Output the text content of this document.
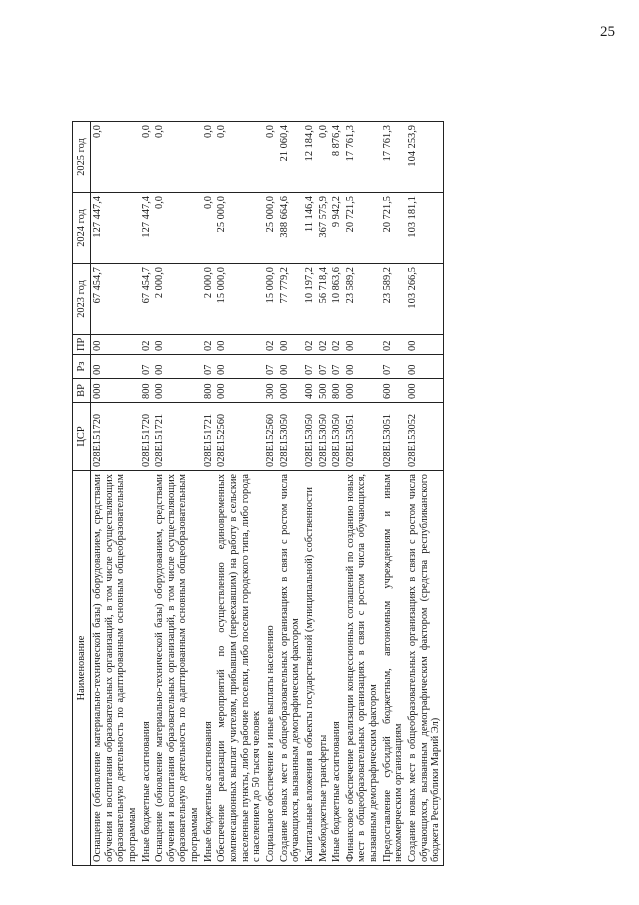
25
Наименование	ЦСР	ВР	Рз	ПР	2023 год	2024 год	2025 год
Оснащение (обновление материально-технической базы) оборудованием, средствами обучения и воспитания образовательных организаций, в том числе осуществляющих образовательную деятельность по адаптированным основным общеобразовательным программам	028Е151720	000	00	00	67 454,7	127 447,4	0,0
Иные бюджетные ассигнования	028Е151720	800	07	02	67 454,7	127 447,4	0,0
Оснащение (обновление материально-технической базы) оборудованием, средствами обучения и воспитания образовательных организаций, в том числе осуществляющих образовательную деятельность по адаптированным основным общеобразовательным программам	028Е151721	000	00	00	2 000,0	0,0	0,0
Иные бюджетные ассигнования	028Е151721	800	07	02	2 000,0	0,0	0,0
Обеспечение реализации мероприятий по осуществлению единовременных компенсационных выплат учителям, прибывшим (переехавшим) на работу в сельские населенные пункты, либо рабочие поселки, либо поселки городского типа, либо города с населением до 50 тысяч человек	028Е152560	000	00	00	15 000,0	25 000,0	0,0
Социальное обеспечение и иные выплаты населению	028Е152560	300	07	02	15 000,0	25 000,0	0,0
Создание новых мест в общеобразовательных организациях в связи с ростом числа обучающихся, вызванным демографическим фактором	028Е153050	000	00	00	77 779,2	388 664,6	21 060,4
Капитальные вложения в объекты государственной (муниципальной) собственности	028Е153050	400	07	02	10 197,2	11 146,4	12 184,0
Межбюджетные трансферты	028Е153050	500	07	02	56 718,4	367 575,9	0,0
Иные бюджетные ассигнования	028Е153050	800	07	02	10 863,6	9 942,2	8 876,4
Финансовое обеспечение реализации концессионных соглашений по созданию новых мест в общеобразовательных организациях в связи с ростом числа обучающихся, вызванным демографическим фактором	028Е153051	000	00	00	23 589,2	20 721,5	17 761,3
Предоставление субсидий бюджетным, автономным учреждениям и иным некоммерческим организациям	028Е153051	600	07	02	23 589,2	20 721,5	17 761,3
Создание новых мест в общеобразовательных организациях в связи с ростом числа обучающихся, вызванным демографическим фактором (средства республиканского бюджета Республики Марий Эл)	028Е153052	000	00	00	103 266,5	103 181,1	104 253,9
